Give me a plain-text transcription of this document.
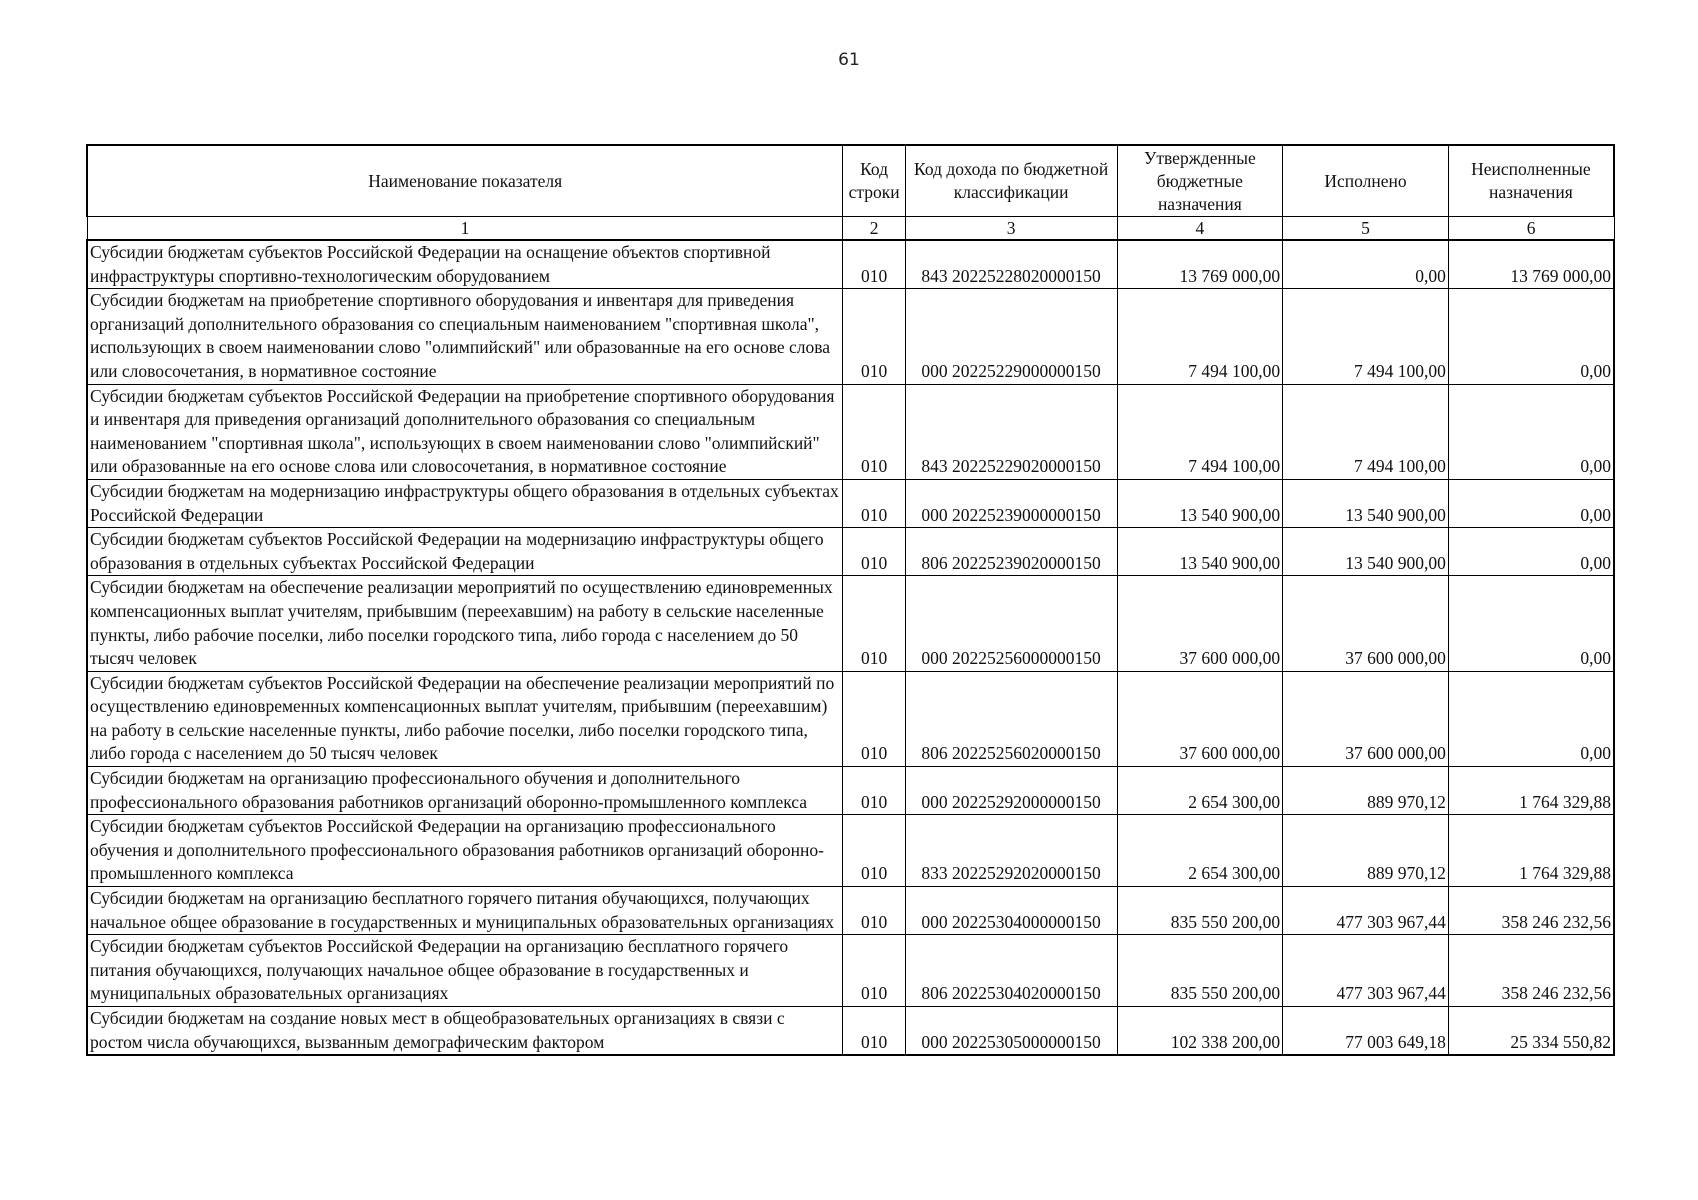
61
Наименование показателя	Код строки	Код дохода по бюджетной классификации	Утвержденные бюджетные назначения	Исполнено	Неисполненные назначения
1	2	3	4	5	6
Субсидии бюджетам субъектов Российской Федерации на оснащение объектов спортивной инфраструктуры спортивно-технологическим оборудованием	010	843 20225228020000150	13 769 000,00	0,00	13 769 000,00
Субсидии бюджетам на приобретение спортивного оборудования и инвентаря для приведения организаций дополнительного образования со специальным наименованием "спортивная школа", использующих в своем наименовании слово "олимпийский" или образованные на его основе слова или словосочетания, в нормативное состояние	010	000 20225229000000150	7 494 100,00	7 494 100,00	0,00
Субсидии бюджетам субъектов Российской Федерации на приобретение спортивного оборудования и инвентаря для приведения организаций дополнительного образования со специальным наименованием "спортивная школа", использующих в своем наименовании слово "олимпийский" или образованные на его основе слова или словосочетания, в нормативное состояние	010	843 20225229020000150	7 494 100,00	7 494 100,00	0,00
Субсидии бюджетам на модернизацию инфраструктуры общего образования в отдельных субъектах Российской Федерации	010	000 20225239000000150	13 540 900,00	13 540 900,00	0,00
Субсидии бюджетам субъектов Российской Федерации на модернизацию инфраструктуры общего образования в отдельных субъектах Российской Федерации	010	806 20225239020000150	13 540 900,00	13 540 900,00	0,00
Субсидии бюджетам на обеспечение реализации мероприятий по осуществлению единовременных компенсационных выплат учителям, прибывшим (переехавшим) на работу в сельские населенные пункты, либо рабочие поселки, либо поселки городского типа, либо города с населением до 50 тысяч человек	010	000 20225256000000150	37 600 000,00	37 600 000,00	0,00
Субсидии бюджетам субъектов Российской Федерации на обеспечение реализации мероприятий по осуществлению единовременных компенсационных выплат учителям, прибывшим (переехавшим) на работу в сельские населенные пункты, либо рабочие поселки, либо поселки городского типа, либо города с населением до 50 тысяч человек	010	806 20225256020000150	37 600 000,00	37 600 000,00	0,00
Субсидии бюджетам на организацию профессионального обучения и дополнительного профессионального образования работников организаций оборонно-промышленного комплекса	010	000 20225292000000150	2 654 300,00	889 970,12	1 764 329,88
Субсидии бюджетам субъектов Российской Федерации на организацию профессионального обучения и дополнительного профессионального образования работников организаций оборонно-промышленного комплекса	010	833 20225292020000150	2 654 300,00	889 970,12	1 764 329,88
Субсидии бюджетам на организацию бесплатного горячего питания обучающихся, получающих начальное общее образование в государственных и муниципальных образовательных организациях	010	000 20225304000000150	835 550 200,00	477 303 967,44	358 246 232,56
Субсидии бюджетам субъектов Российской Федерации на организацию бесплатного горячего питания обучающихся, получающих начальное общее образование в государственных и муниципальных образовательных организациях	010	806 20225304020000150	835 550 200,00	477 303 967,44	358 246 232,56
Субсидии бюджетам на создание новых мест в общеобразовательных организациях в связи с ростом числа обучающихся, вызванным демографическим фактором	010	000 20225305000000150	102 338 200,00	77 003 649,18	25 334 550,82
